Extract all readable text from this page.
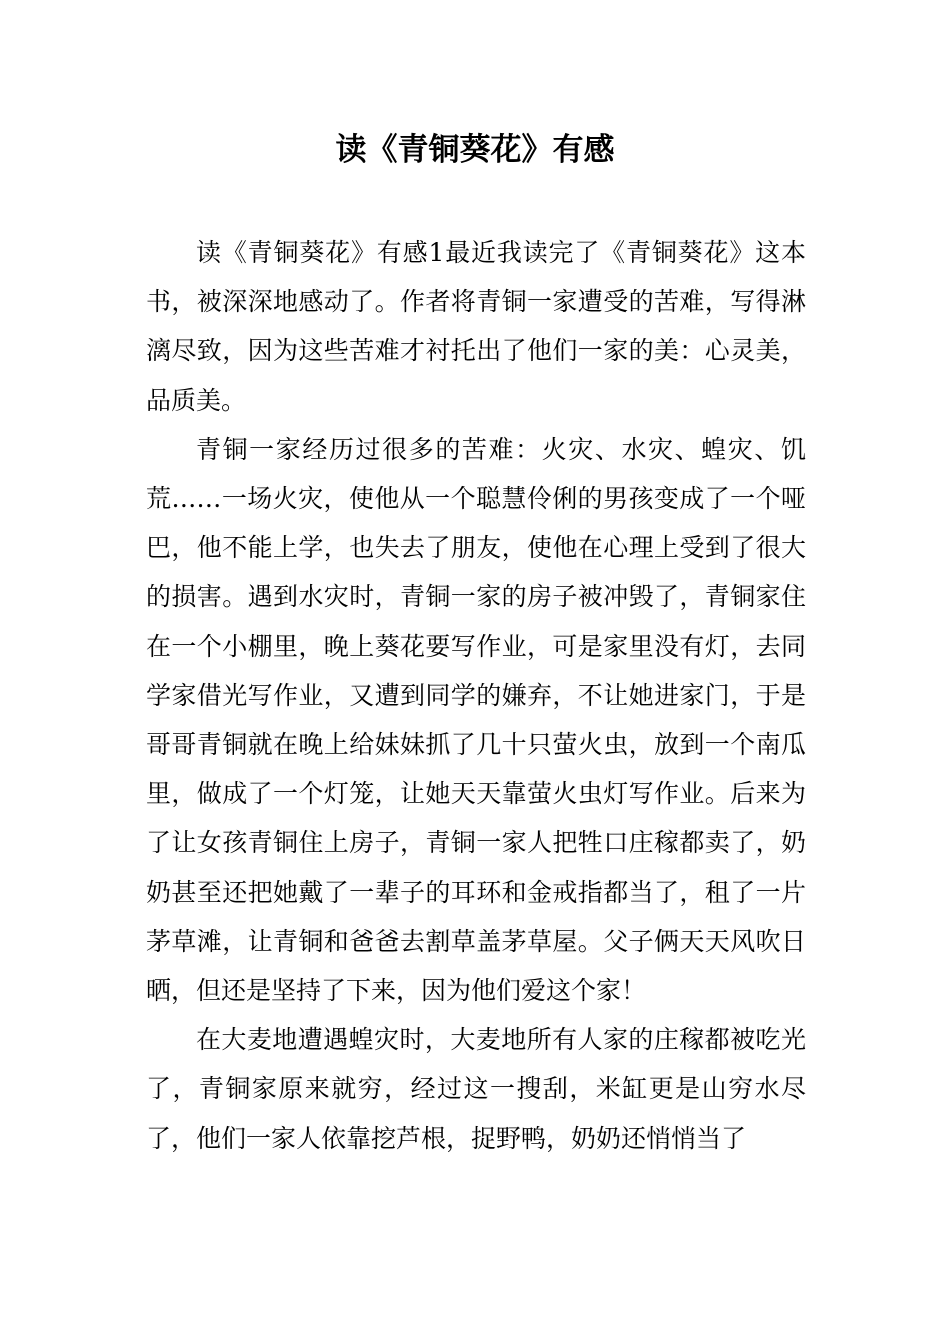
读《青铜葵花》有感

读《青铜葵花》有感1最近我读完了《青铜葵花》这本书，被深深地感动了。作者将青铜一家遭受的苦难，写得淋漓尽致，因为这些苦难才衬托出了他们一家的美：心灵美，品质美。

青铜一家经历过很多的苦难：火灾、水灾、蝗灾、饥荒……一场火灾，使他从一个聪慧伶俐的男孩变成了一个哑巴，他不能上学，也失去了朋友，使他在心理上受到了很大的损害。遇到水灾时，青铜一家的房子被冲毁了，青铜家住在一个小棚里，晚上葵花要写作业，可是家里没有灯，去同学家借光写作业，又遭到同学的嫌弃，不让她进家门，于是哥哥青铜就在晚上给妹妹抓了几十只萤火虫，放到一个南瓜里，做成了一个灯笼，让她天天靠萤火虫灯写作业。后来为了让女孩青铜住上房子，青铜一家人把牲口庄稼都卖了，奶奶甚至还把她戴了一辈子的耳环和金戒指都当了，租了一片茅草滩，让青铜和爸爸去割草盖茅草屋。父子俩天天风吹日晒，但还是坚持了下来，因为他们爱这个家！

在大麦地遭遇蝗灾时，大麦地所有人家的庄稼都被吃光了，青铜家原来就穷，经过这一搜刮，米缸更是山穷水尽了，他们一家人依靠挖芦根，捉野鸭，奶奶还悄悄当了
